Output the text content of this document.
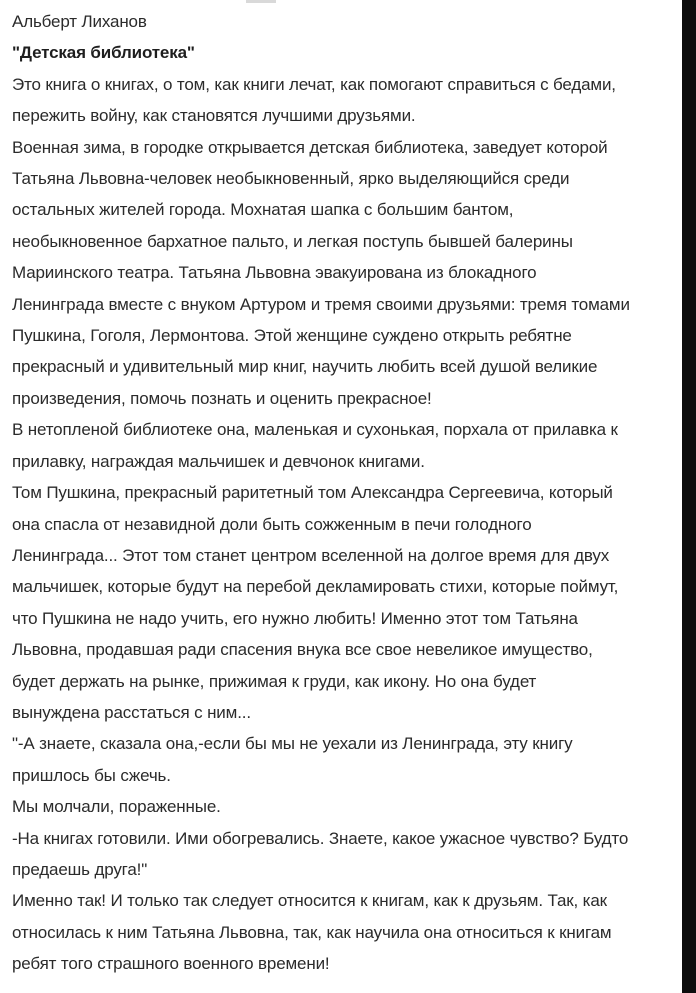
Альберт Лиханов

"Детская библиотека"

Это книга о книгах, о том, как книги лечат, как помогают справиться с бедами,

пережить войну, как становятся лучшими друзьями.

Военная зима, в городке открывается детская библиотека, заведует которой

Татьяна Львовна-человек необыкновенный, ярко выделяющийся среди

остальных жителей города. Мохнатая шапка с большим бантом,

необыкновенное бархатное пальто, и легкая поступь бывшей балерины

Мариинского театра. Татьяна Львовна эвакуирована из блокадного

Ленинграда вместе с внуком Артуром и тремя своими друзьями: тремя томами

Пушкина, Гоголя, Лермонтова. Этой женщине суждено открыть ребятне

прекрасный и удивительный мир книг, научить любить всей душой великие

произведения, помочь познать и оценить прекрасное!

В нетопленой библиотеке она, маленькая и сухонькая, порхала от прилавка к

прилавку, награждая мальчишек и девчонок книгами.

Том Пушкина, прекрасный раритетный том Александра Сергеевича, который

она спасла от незавидной доли быть сожженным в печи голодного

Ленинграда... Этот том станет центром вселенной на долгое время для двух

мальчишек, которые будут на перебой декламировать стихи, которые поймут,

что Пушкина не надо учить, его нужно любить! Именно этот том Татьяна

Львовна, продавшая ради спасения внука все свое невеликое имущество,

будет держать на рынке, прижимая к груди, как икону. Но она будет

вынуждена расстаться с ним...

"-А знаете, сказала она,-если бы мы не уехали из Ленинграда, эту книгу

пришлось бы сжечь.

Мы молчали, пораженные.

-На книгах готовили. Ими обогревались. Знаете, какое ужасное чувство? Будто

предаешь друга!"

Именно так! И только так следует относится к книгам, как к друзьям. Так, как

относилась к ним Татьяна Львовна, так, как научила она относиться к книгам

ребят того страшного военного времени!
